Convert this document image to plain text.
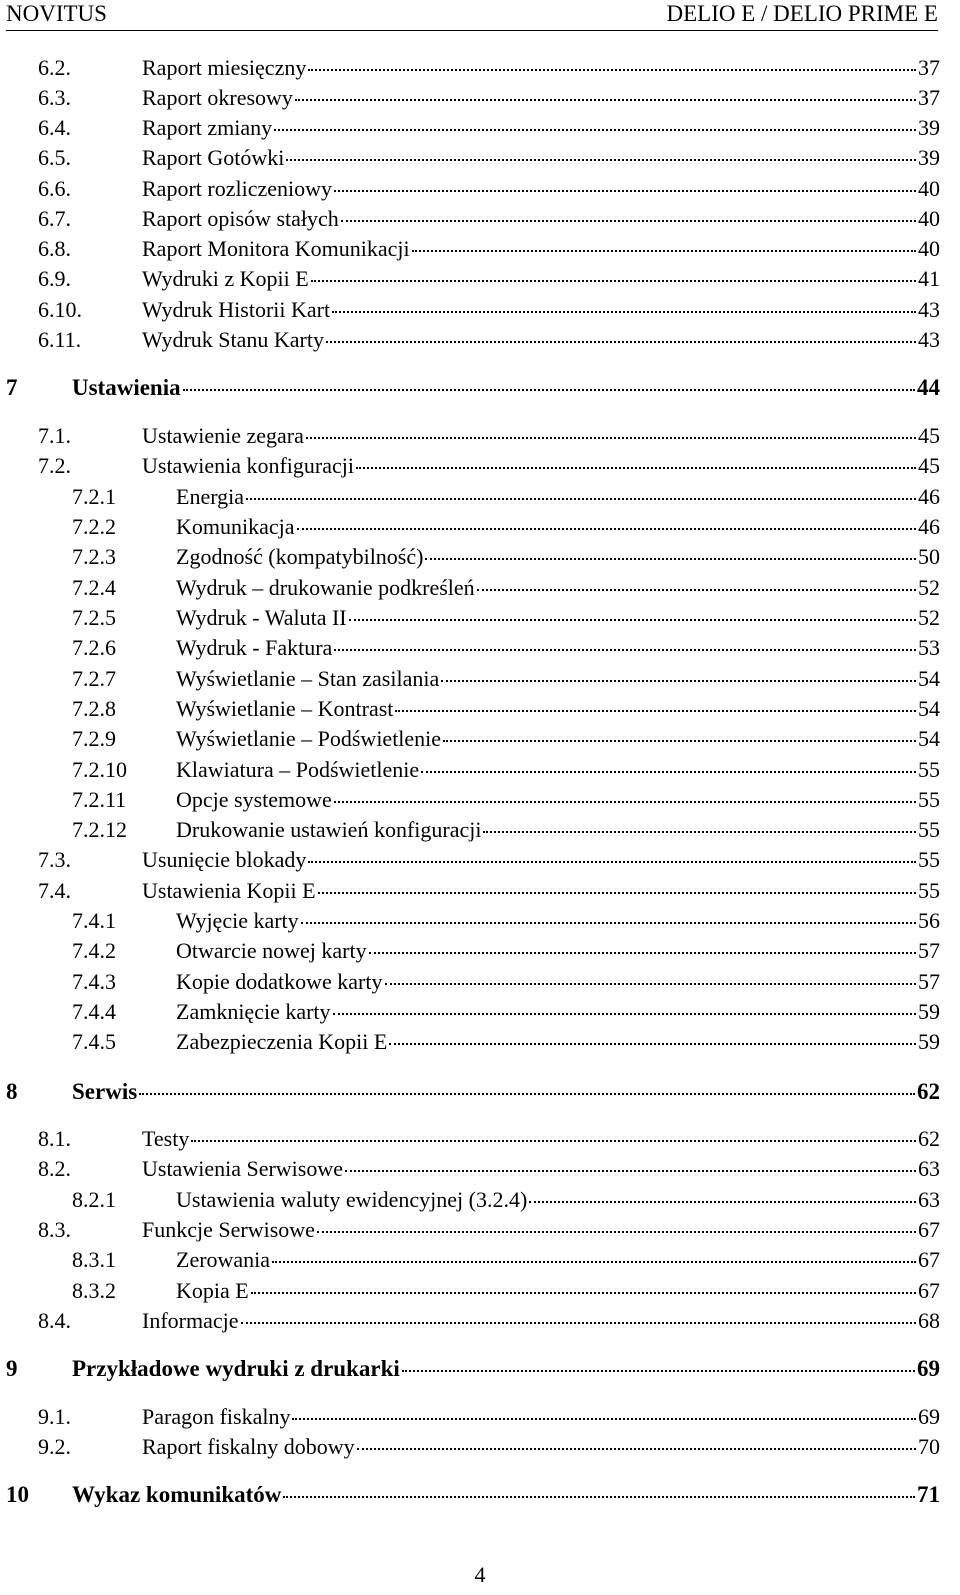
NOVITUS	DELIO E / DELIO PRIME E
6.2.	Raport miesięczny	37
6.3.	Raport okresowy	37
6.4.	Raport zmiany	39
6.5.	Raport Gotówki	39
6.6.	Raport rozliczeniowy	40
6.7.	Raport opisów stałych	40
6.8.	Raport Monitora Komunikacji	40
6.9.	Wydruki z Kopii E	41
6.10.	Wydruk Historii Kart	43
6.11.	Wydruk Stanu Karty	43
7	Ustawienia	44
7.1.	Ustawienie zegara	45
7.2.	Ustawienia konfiguracji	45
7.2.1	Energia	46
7.2.2	Komunikacja	46
7.2.3	Zgodność (kompatybilność)	50
7.2.4	Wydruk – drukowanie podkreśleń	52
7.2.5	Wydruk - Waluta II	52
7.2.6	Wydruk - Faktura	53
7.2.7	Wyświetlanie – Stan zasilania	54
7.2.8	Wyświetlanie – Kontrast	54
7.2.9	Wyświetlanie – Podświetlenie	54
7.2.10	Klawiatura – Podświetlenie	55
7.2.11	Opcje systemowe	55
7.2.12	Drukowanie ustawień konfiguracji	55
7.3.	Usunięcie blokady	55
7.4.	Ustawienia Kopii E	55
7.4.1	Wyjęcie karty	56
7.4.2	Otwarcie nowej karty	57
7.4.3	Kopie dodatkowe karty	57
7.4.4	Zamknięcie karty	59
7.4.5	Zabezpieczenia Kopii E	59
8	Serwis	62
8.1.	Testy	62
8.2.	Ustawienia Serwisowe	63
8.2.1	Ustawienia waluty ewidencyjnej (3.2.4)	63
8.3.	Funkcje Serwisowe	67
8.3.1	Zerowania	67
8.3.2	Kopia E	67
8.4.	Informacje	68
9	Przykładowe wydruki z drukarki	69
9.1.	Paragon fiskalny	69
9.2.	Raport fiskalny dobowy	70
10	Wykaz komunikatów	71
4
